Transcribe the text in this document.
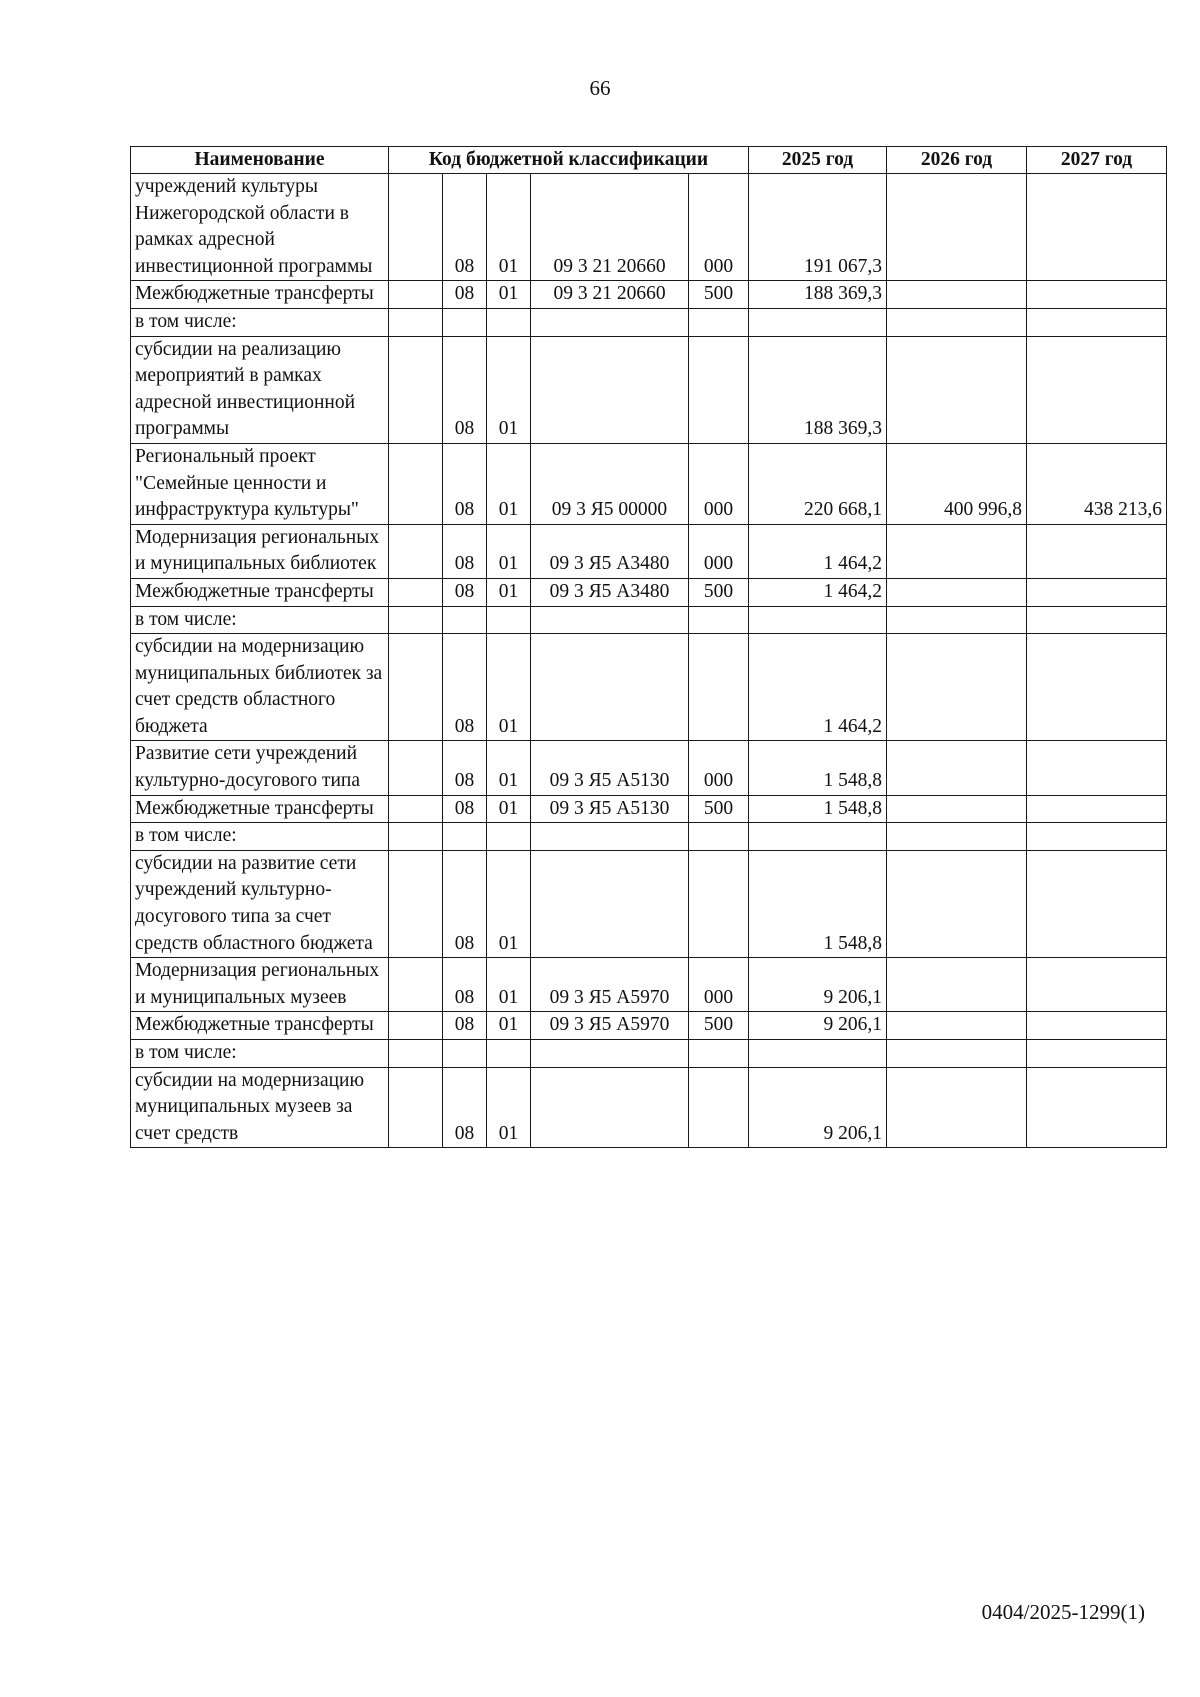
66
Наименование	Код бюджетной классификации					2025 год	2026 год	2027 год
учреждений культуры Нижегородской области в рамках адресной инвестиционной программы		08	01	09 3 21 20660	000	191 067,3		
Межбюджетные трансферты		08	01	09 3 21 20660	500	188 369,3		
в том числе:								
субсидии на реализацию мероприятий в рамках адресной инвестиционной программы		08	01			188 369,3		
Региональный проект "Семейные ценности и инфраструктура культуры"		08	01	09 3 Я5 00000	000	220 668,1	400 996,8	438 213,6
Модернизация региональных и муниципальных библиотек		08	01	09 3 Я5 А3480	000	1 464,2		
Межбюджетные трансферты		08	01	09 3 Я5 А3480	500	1 464,2		
в том числе:								
субсидии на модернизацию муниципальных библиотек за счет средств областного бюджета		08	01			1 464,2		
Развитие сети учреждений культурно-досугового типа		08	01	09 3 Я5 А5130	000	1 548,8		
Межбюджетные трансферты		08	01	09 3 Я5 А5130	500	1 548,8		
в том числе:								
субсидии на развитие сети учреждений культурно-досугового типа за счет средств областного бюджета		08	01			1 548,8		
Модернизация региональных и муниципальных музеев		08	01	09 3 Я5 А5970	000	9 206,1		
Межбюджетные трансферты		08	01	09 3 Я5 А5970	500	9 206,1		
в том числе:								
субсидии на модернизацию муниципальных музеев за счет средств		08	01			9 206,1		
0404/2025-1299(1)
